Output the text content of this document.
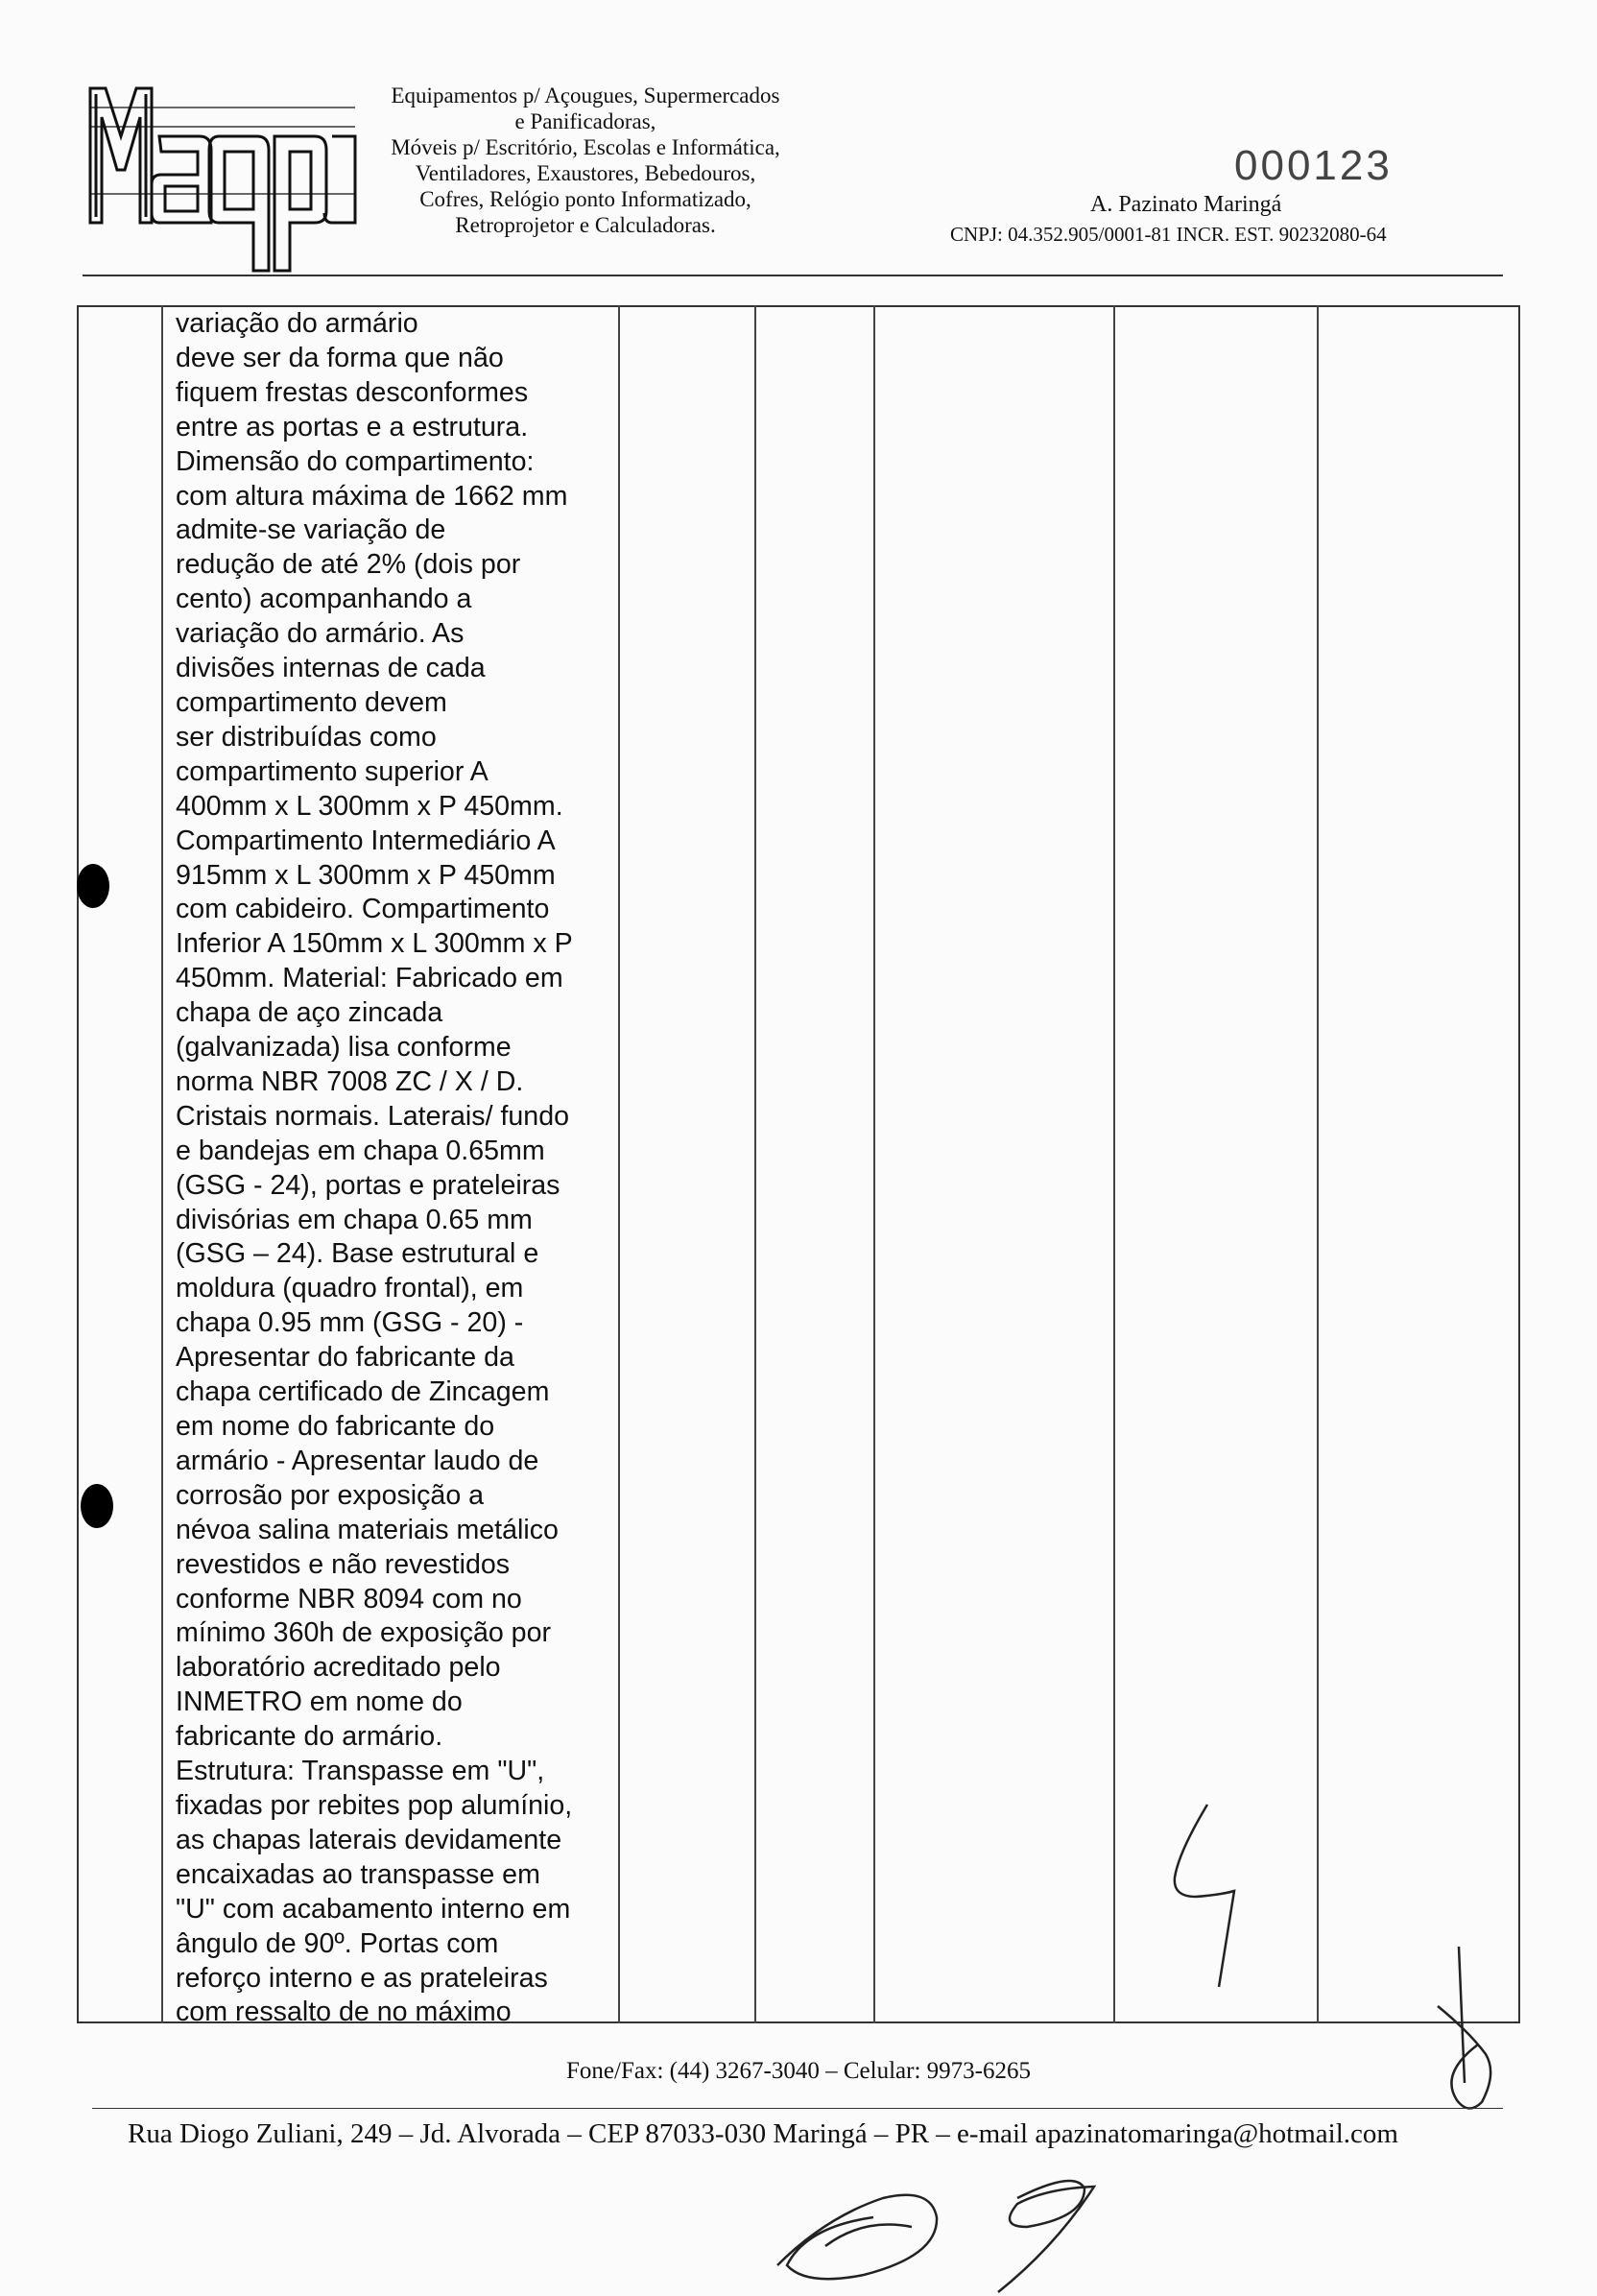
Equipamentos p/ Açougues, Supermercados
e Panificadoras,
Móveis p/ Escritório, Escolas e Informática,
Ventiladores, Exaustores, Bebedouros,
Cofres, Relógio ponto Informatizado,
Retroprojetor e Calculadoras.
000123
A. Pazinato Maringá
CNPJ: 04.352.905/0001-81 INCR. EST. 90232080-64
variação do armário
deve ser da forma que não
fiquem frestas desconformes
entre as portas e a estrutura.
Dimensão do compartimento:
com altura máxima de 1662 mm
admite-se variação de
redução de até 2% (dois por
cento) acompanhando a
variação do armário. As
divisões internas de cada
compartimento devem
ser distribuídas como
compartimento superior A
400mm x L 300mm x P 450mm.
Compartimento Intermediário A
915mm x L 300mm x P 450mm
com cabideiro. Compartimento
Inferior A 150mm x L 300mm x P
450mm. Material: Fabricado em
chapa de aço zincada
(galvanizada) lisa conforme
norma NBR 7008 ZC / X / D.
Cristais normais. Laterais/ fundo
e bandejas em chapa 0.65mm
(GSG - 24), portas e prateleiras
divisórias em chapa 0.65 mm
(GSG – 24). Base estrutural e
moldura (quadro frontal), em
chapa 0.95 mm (GSG - 20) -
Apresentar do fabricante da
chapa certificado de Zincagem
em nome do fabricante do
armário - Apresentar laudo de
corrosão por exposição a
névoa salina materiais metálico
revestidos e não revestidos
conforme NBR 8094 com no
mínimo 360h de exposição por
laboratório acreditado pelo
INMETRO em nome do
fabricante do armário.
Estrutura: Transpasse em "U",
fixadas por rebites pop alumínio,
as chapas laterais devidamente
encaixadas ao transpasse em
"U" com acabamento interno em
ângulo de 90º. Portas com
reforço interno e as prateleiras
com ressalto de no máximo
Fone/Fax: (44) 3267-3040 – Celular: 9973-6265
Rua Diogo Zuliani, 249 – Jd. Alvorada – CEP 87033-030 Maringá – PR – e-mail apazinatomaringa@hotmail.com
